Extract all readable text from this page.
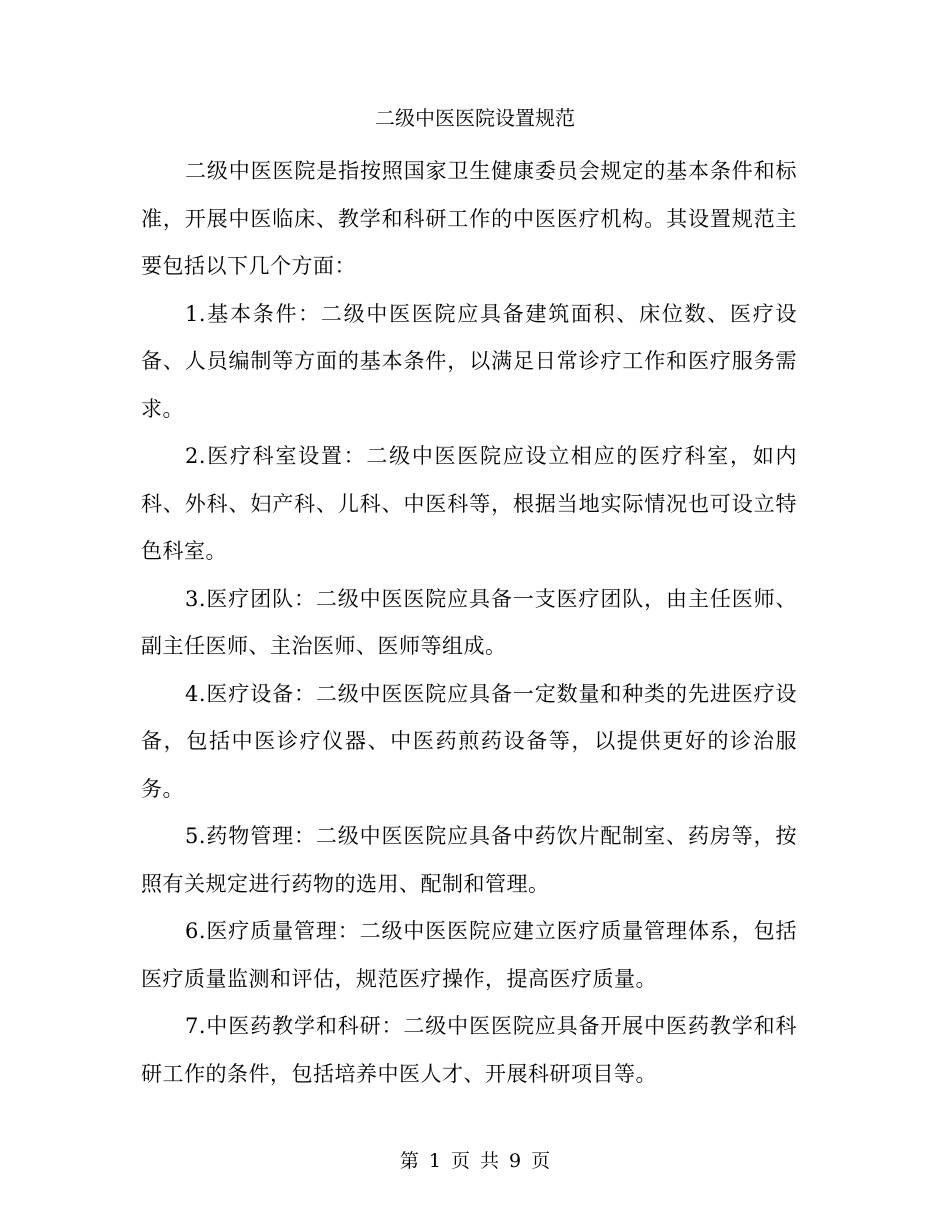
二级中医医院设置规范

二级中医医院是指按照国家卫生健康委员会规定的基本条件和标准，开展中医临床、教学和科研工作的中医医疗机构。其设置规范主要包括以下几个方面：

1.基本条件：二级中医医院应具备建筑面积、床位数、医疗设备、人员编制等方面的基本条件，以满足日常诊疗工作和医疗服务需求。

2.医疗科室设置：二级中医医院应设立相应的医疗科室，如内科、外科、妇产科、儿科、中医科等，根据当地实际情况也可设立特色科室。

3.医疗团队：二级中医医院应具备一支医疗团队，由主任医师、副主任医师、主治医师、医师等组成。

4.医疗设备：二级中医医院应具备一定数量和种类的先进医疗设备，包括中医诊疗仪器、中医药煎药设备等，以提供更好的诊治服务。

5.药物管理：二级中医医院应具备中药饮片配制室、药房等，按照有关规定进行药物的选用、配制和管理。

6.医疗质量管理：二级中医医院应建立医疗质量管理体系，包括医疗质量监测和评估，规范医疗操作，提高医疗质量。

7.中医药教学和科研：二级中医医院应具备开展中医药教学和科研工作的条件，包括培养中医人才、开展科研项目等。

第 1 页 共 9 页
